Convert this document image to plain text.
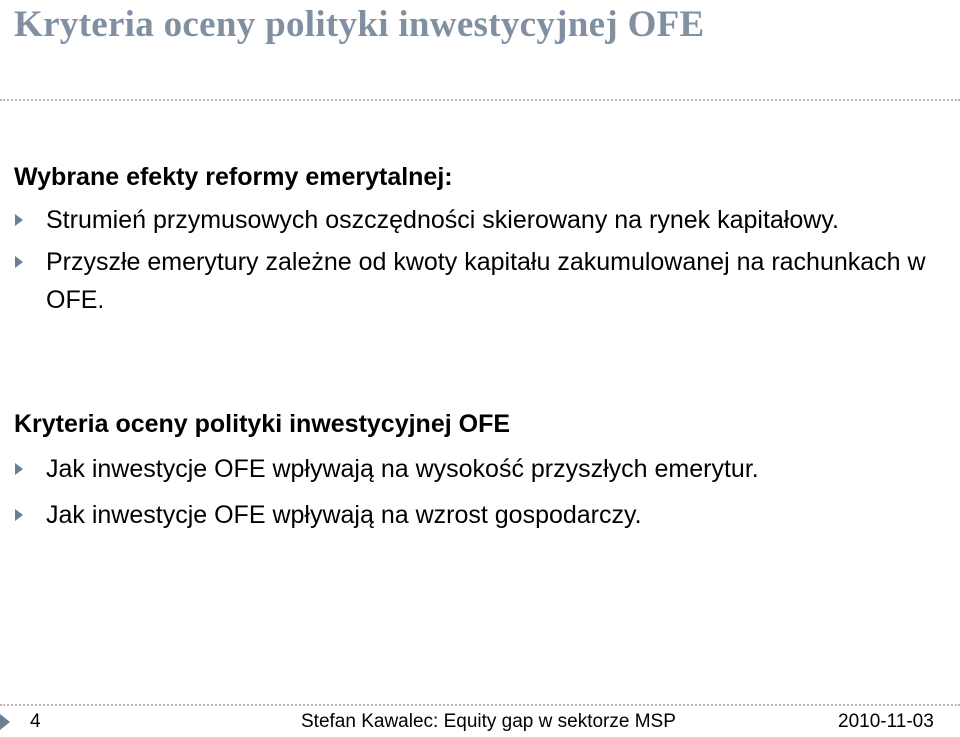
Kryteria oceny polityki inwestycyjnej OFE
Wybrane efekty reformy emerytalnej:
Strumień przymusowych oszczędności skierowany na rynek kapitałowy.
Przyszłe emerytury zależne od kwoty kapitału zakumulowanej na rachunkach w OFE.
Kryteria oceny polityki inwestycyjnej OFE
Jak inwestycje OFE wpływają na wysokość przyszłych emerytur.
Jak inwestycje OFE wpływają na wzrost gospodarczy.
4	Stefan Kawalec: Equity gap w sektorze MSP	2010-11-03
